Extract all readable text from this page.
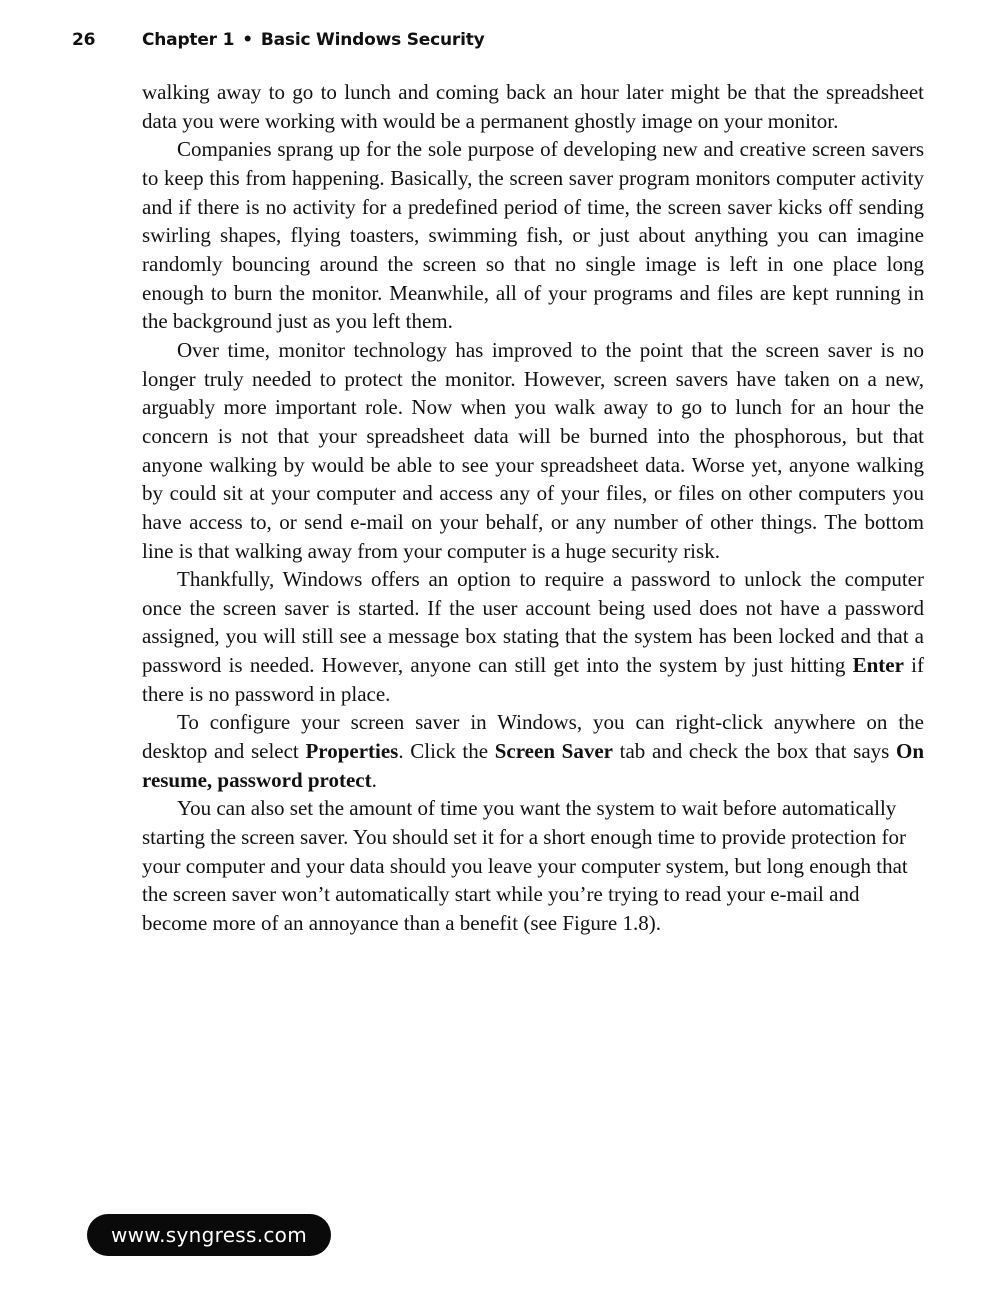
26	Chapter 1 • Basic Windows Security

walking away to go to lunch and coming back an hour later might be that the spreadsheet data you were working with would be a permanent ghostly image on your monitor.

Companies sprang up for the sole purpose of developing new and creative screen savers to keep this from happening. Basically, the screen saver program monitors computer activity and if there is no activity for a predefined period of time, the screen saver kicks off sending swirling shapes, flying toasters, swimming fish, or just about anything you can imagine randomly bouncing around the screen so that no single image is left in one place long enough to burn the monitor. Meanwhile, all of your programs and files are kept running in the background just as you left them.

Over time, monitor technology has improved to the point that the screen saver is no longer truly needed to protect the monitor. However, screen savers have taken on a new, arguably more important role. Now when you walk away to go to lunch for an hour the concern is not that your spreadsheet data will be burned into the phosphorous, but that anyone walking by would be able to see your spreadsheet data. Worse yet, anyone walking by could sit at your computer and access any of your files, or files on other computers you have access to, or send e-mail on your behalf, or any number of other things. The bottom line is that walking away from your computer is a huge security risk.

Thankfully, Windows offers an option to require a password to unlock the computer once the screen saver is started. If the user account being used does not have a password assigned, you will still see a message box stating that the system has been locked and that a password is needed. However, anyone can still get into the system by just hitting Enter if there is no password in place.

To configure your screen saver in Windows, you can right-click anywhere on the desktop and select Properties. Click the Screen Saver tab and check the box that says On resume, password protect.

You can also set the amount of time you want the system to wait before automatically starting the screen saver. You should set it for a short enough time to provide protection for your computer and your data should you leave your computer system, but long enough that the screen saver won’t automatically start while you’re trying to read your e-mail and become more of an annoyance than a benefit (see Figure 1.8).

www.syngress.com
